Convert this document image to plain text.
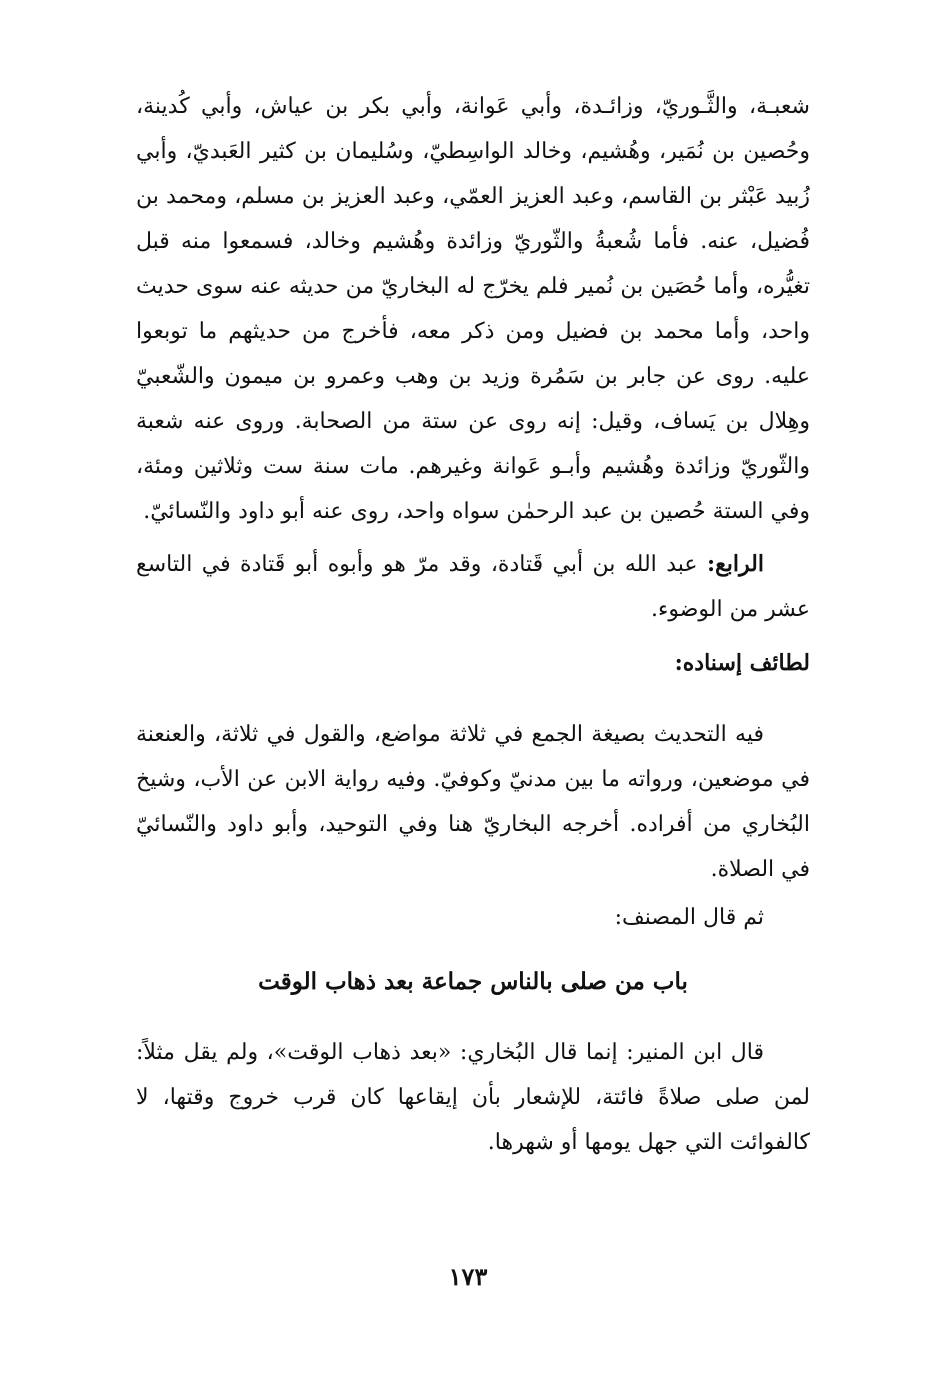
شعبـة، والثَّـوريّ، وزائـدة، وأبي عَوانة، وأبي بكر بن عياش، وأبي كُدينة، وحُصين بن نُمَير، وهُشيم، وخالد الواسِطيّ، وسُليمان بن كثير العَبديّ، وأبي زُبيد عَبْثر بن القاسم، وعبد العزيز العمّي، وعبد العزيز بن مسلم، ومحمد بن فُضيل، عنه. فأما شُعبةُ والثّوريّ وزائدة وهُشيم وخالد، فسمعوا منه قبل تغيُّره، وأما حُصَين بن نُمير فلم يخرّج له البخاريّ من حديثه عنه سوى حديث واحد، وأما محمد بن فضيل ومن ذكر معه، فأخرج من حديثهم ما توبعوا عليه. روى عن جابر بن سَمُرة وزيد بن وهب وعمرو بن ميمون والشّعبيّ وهِلال بن يَساف، وقيل: إنه روى عن ستة من الصحابة. وروى عنه شعبة والثّوريّ وزائدة وهُشيم وأبـو عَوانة وغيرهم. مات سنة ست وثلاثين ومئة، وفي الستة حُصين بن عبد الرحمٰن سواه واحد، روى عنه أبو داود والنّسائيّ.

الرابع: عبد الله بن أبي قَتادة، وقد مرّ هو وأبوه أبو قَتادة في التاسع عشر من الوضوء.

لطائف إسناده:

فيه التحديث بصيغة الجمع في ثلاثة مواضع، والقول في ثلاثة، والعنعنة في موضعين، ورواته ما بين مدنيّ وكوفيّ. وفيه رواية الابن عن الأب، وشيخ البُخاري من أفراده. أخرجه البخاريّ هنا وفي التوحيد، وأبو داود والنّسائيّ في الصلاة.

ثم قال المصنف:

باب من صلى بالناس جماعة بعد ذهاب الوقت

قال ابن المنير: إنما قال البُخاري: «بعد ذهاب الوقت»، ولم يقل مثلاً: لمن صلى صلاةً فائتة، للإشعار بأن إيقاعها كان قرب خروج وقتها، لا كالفوائت التي جهل يومها أو شهرها.

١٧٣
